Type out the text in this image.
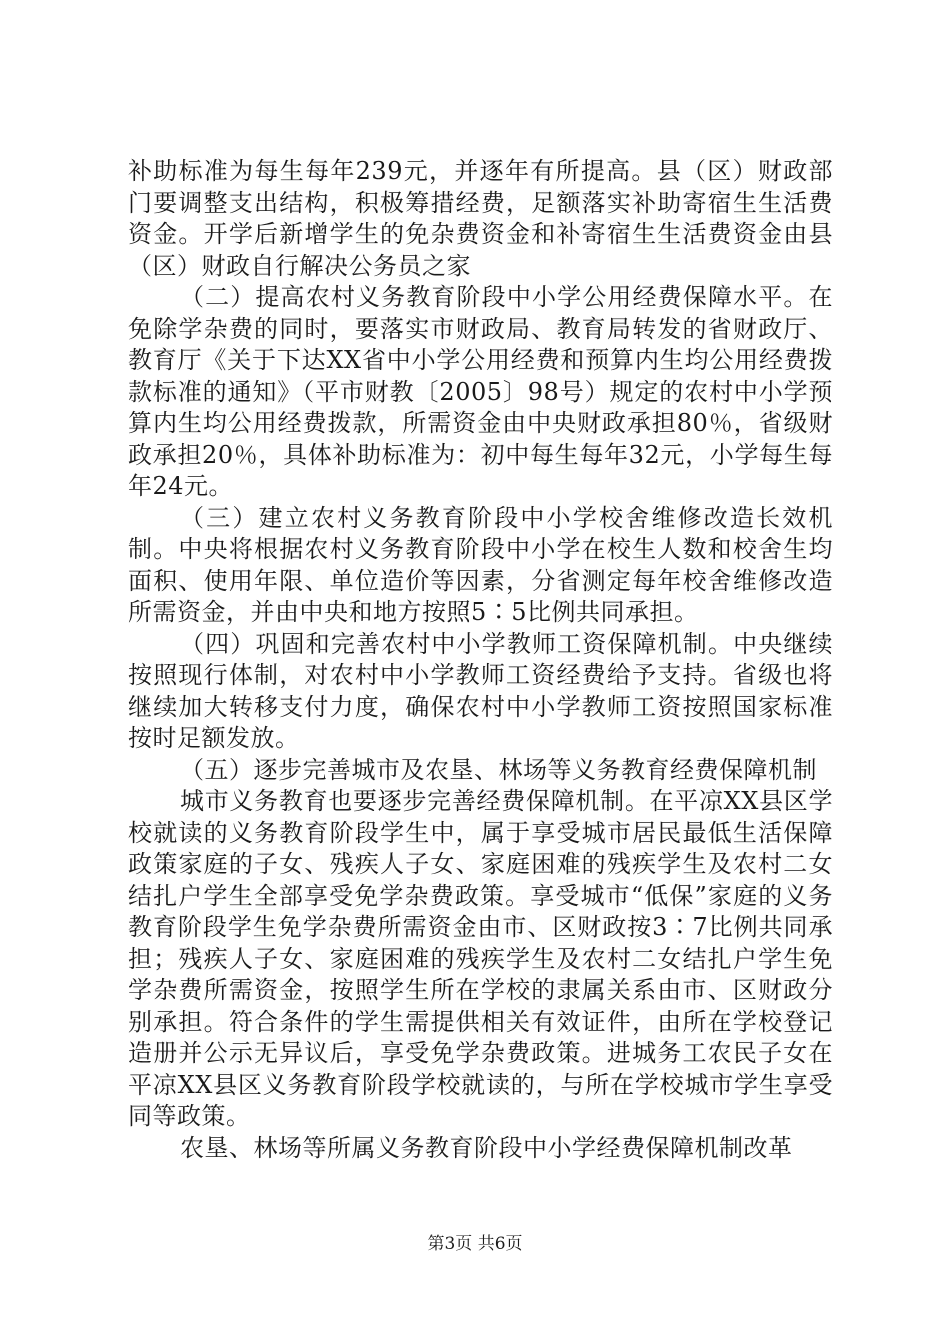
补助标准为每生每年239元，并逐年有所提高。县（区）财政部门要调整支出结构，积极筹措经费，足额落实补助寄宿生生活费资金。开学后新增学生的免杂费资金和补寄宿生生活费资金由县（区）财政自行解决公务员之家

（二）提高农村义务教育阶段中小学公用经费保障水平。在免除学杂费的同时，要落实市财政局、教育局转发的省财政厅、教育厅《关于下达XX省中小学公用经费和预算内生均公用经费拨款标准的通知》（平市财教〔2005〕98号）规定的农村中小学预算内生均公用经费拨款，所需资金由中央财政承担80％，省级财政承担20％，具体补助标准为：初中每生每年32元，小学每生每年24元。

（三）建立农村义务教育阶段中小学校舍维修改造长效机制。中央将根据农村义务教育阶段中小学在校生人数和校舍生均面积、使用年限、单位造价等因素，分省测定每年校舍维修改造所需资金，并由中央和地方按照5∶5比例共同承担。

（四）巩固和完善农村中小学教师工资保障机制。中央继续按照现行体制，对农村中小学教师工资经费给予支持。省级也将继续加大转移支付力度，确保农村中小学教师工资按照国家标准按时足额发放。

（五）逐步完善城市及农垦、林场等义务教育经费保障机制

城市义务教育也要逐步完善经费保障机制。在平凉XX县区学校就读的义务教育阶段学生中，属于享受城市居民最低生活保障政策家庭的子女、残疾人子女、家庭困难的残疾学生及农村二女结扎户学生全部享受免学杂费政策。享受城市“低保”家庭的义务教育阶段学生免学杂费所需资金由市、区财政按3∶7比例共同承担；残疾人子女、家庭困难的残疾学生及农村二女结扎户学生免学杂费所需资金，按照学生所在学校的隶属关系由市、区财政分别承担。符合条件的学生需提供相关有效证件，由所在学校登记造册并公示无异议后，享受免学杂费政策。进城务工农民子女在平凉XX县区义务教育阶段学校就读的，与所在学校城市学生享受同等政策。

农垦、林场等所属义务教育阶段中小学经费保障机制改革

第3页 共6页
